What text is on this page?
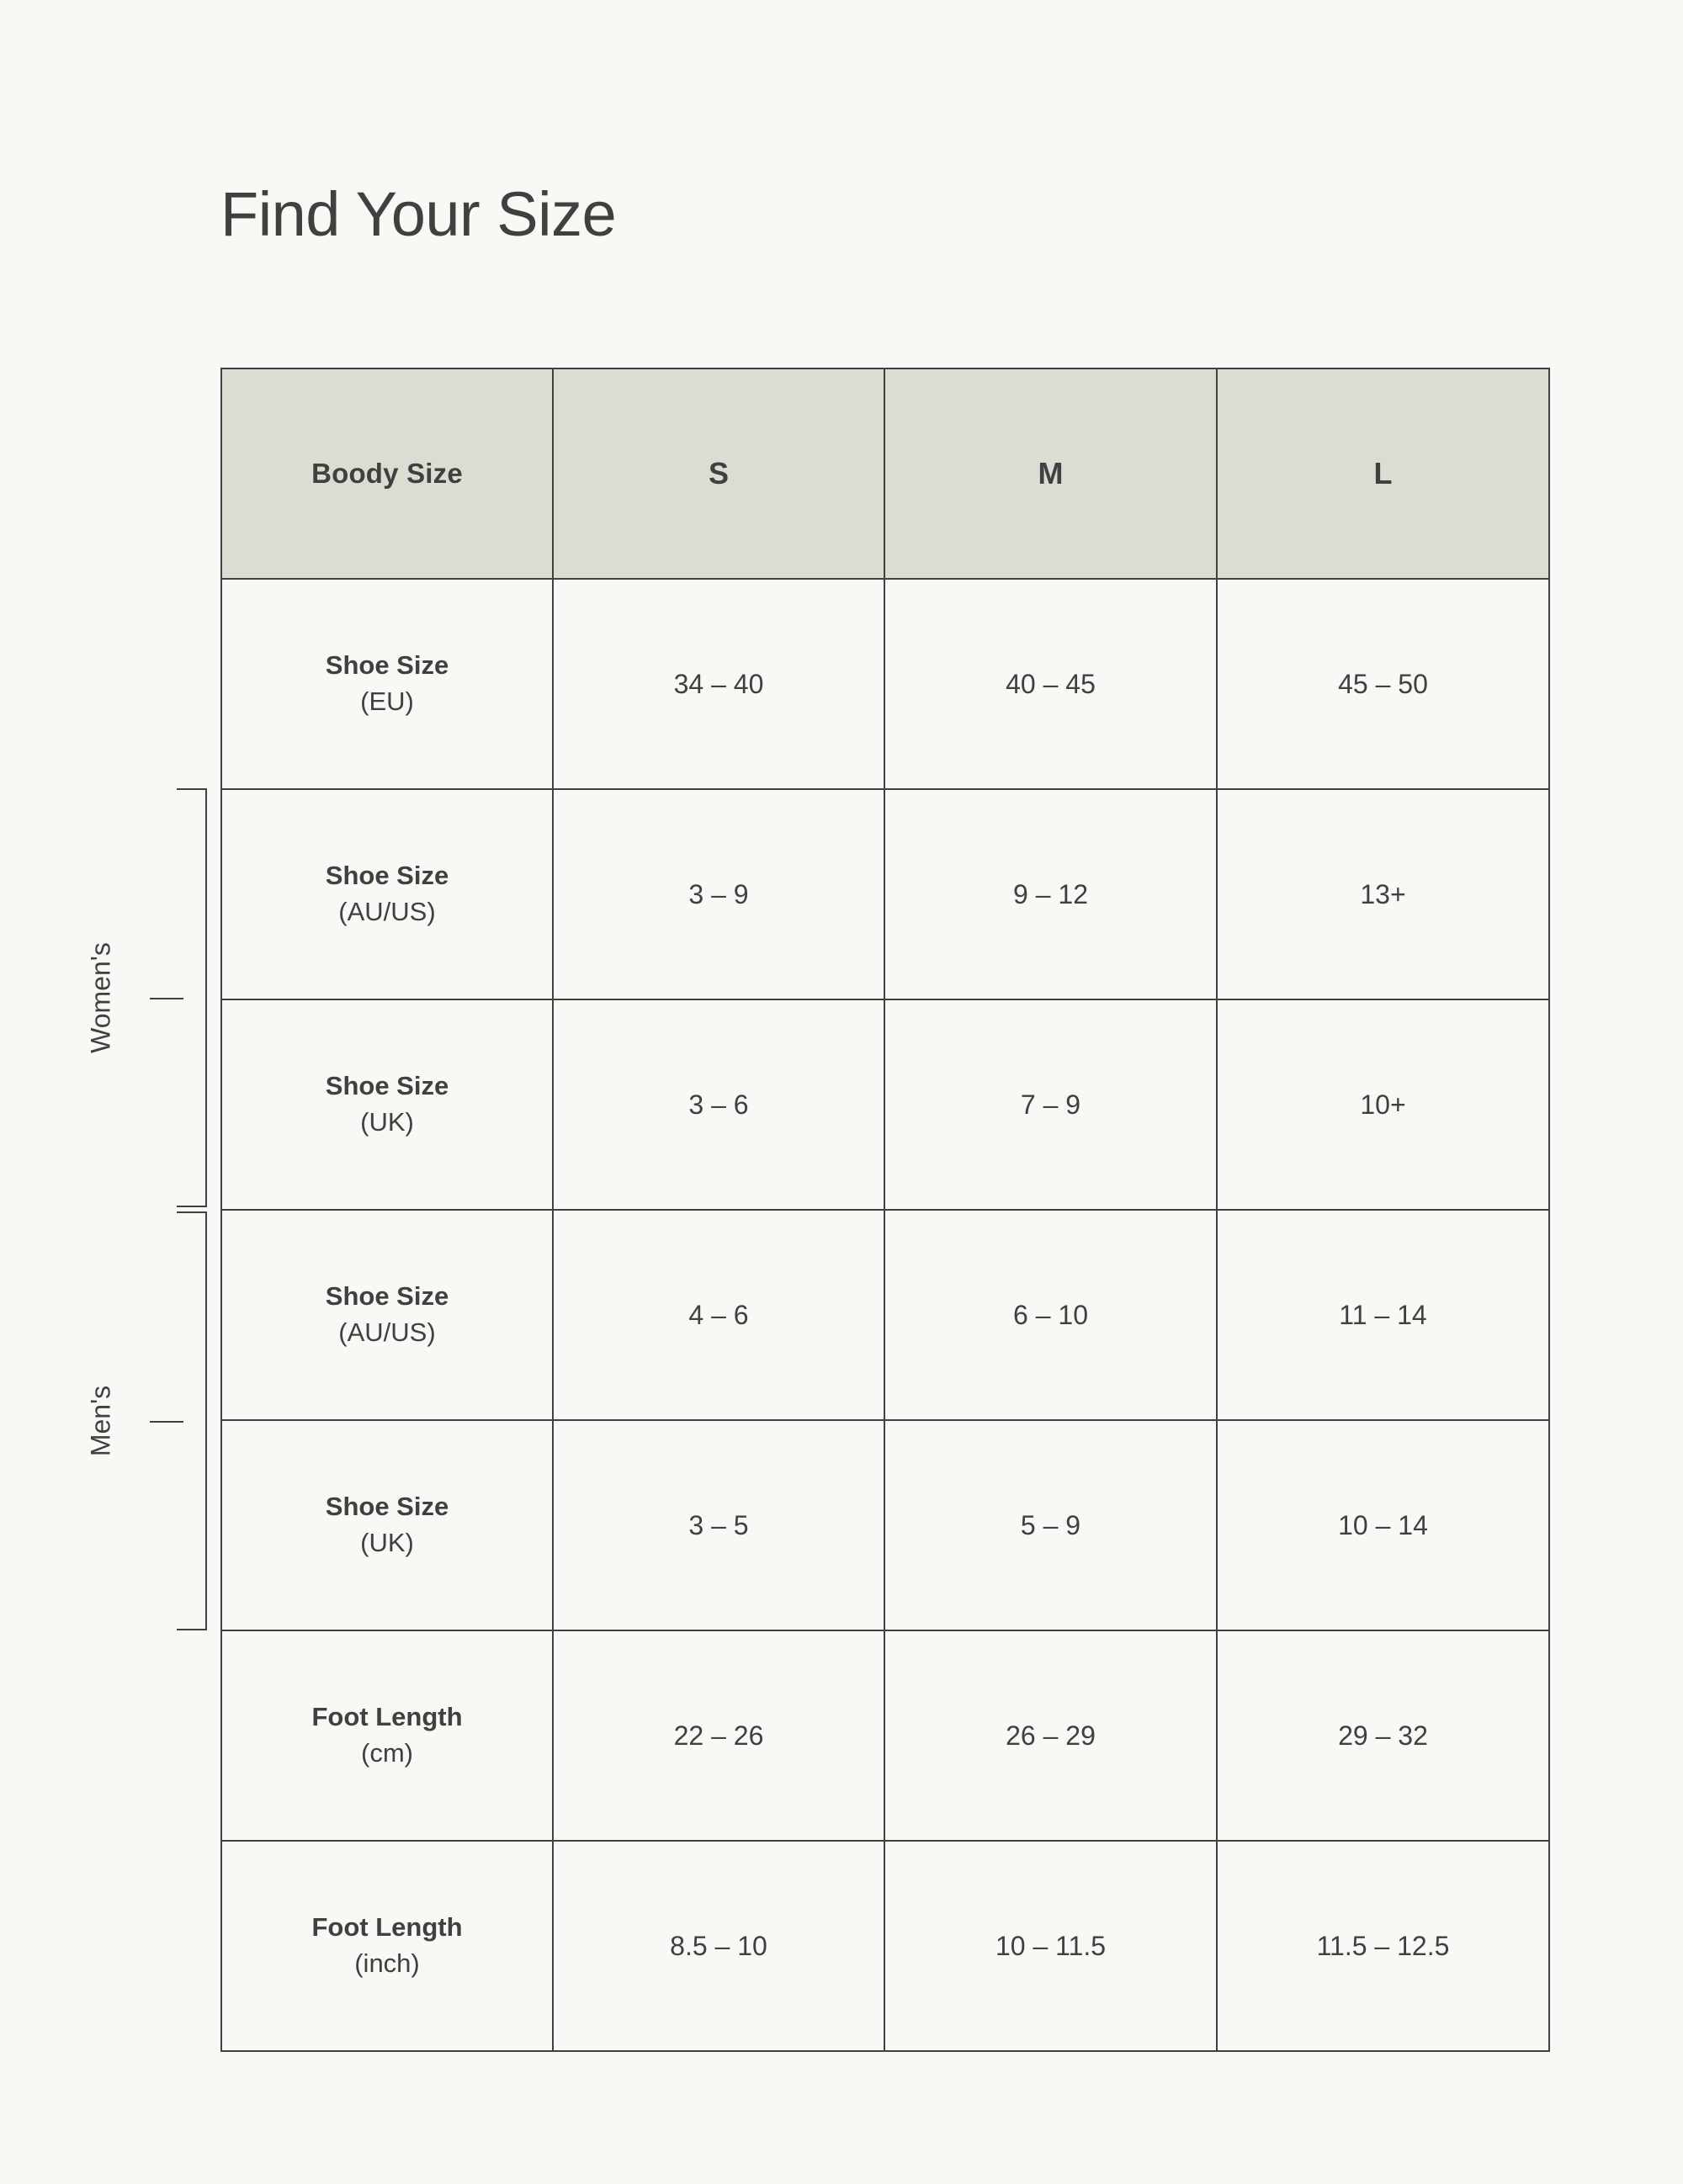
Find Your Size
Women's
Men's
Boody Size	S	M	L

Shoe Size
(EU)	34 – 40	40 – 45	45 – 50

Shoe Size
(AU/US)	3 – 9	9 – 12	13+

Shoe Size
(UK)	3 – 6	7 – 9	10+

Shoe Size
(AU/US)	4 – 6	6 – 10	11 – 14

Shoe Size
(UK)	3 – 5	5 – 9	10 – 14

Foot Length
(cm)	22 – 26	26 – 29	29 – 32

Foot Length
(inch)	8.5 – 10	10 – 11.5	11.5 – 12.5
